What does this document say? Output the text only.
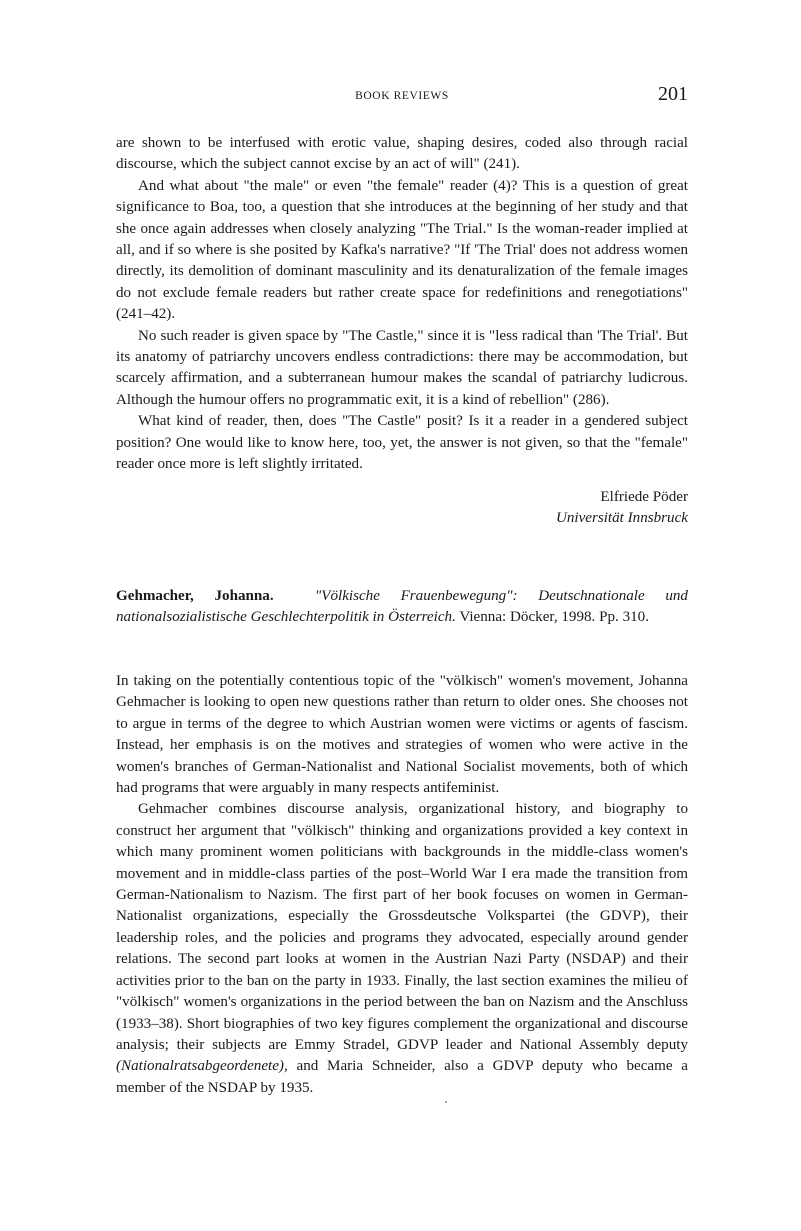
BOOK REVIEWS	201

are shown to be interfused with erotic value, shaping desires, coded also through racial discourse, which the subject cannot excise by an act of will" (241).

And what about "the male" or even "the female" reader (4)? This is a question of great significance to Boa, too, a question that she introduces at the beginning of her study and that she once again addresses when closely analyzing "The Trial." Is the woman-reader implied at all, and if so where is she posited by Kafka's narrative? "If 'The Trial' does not address women directly, its demolition of dominant masculinity and its denaturalization of the female images do not exclude female readers but rather create space for redefinitions and renegotiations" (241–42).

No such reader is given space by "The Castle," since it is "less radical than 'The Trial'. But its anatomy of patriarchy uncovers endless contradictions: there may be accommodation, but scarcely affirmation, and a subterranean humour makes the scandal of patriarchy ludicrous. Although the humour offers no programmatic exit, it is a kind of rebellion" (286).

What kind of reader, then, does "The Castle" posit? Is it a reader in a gendered subject position? One would like to know here, too, yet, the answer is not given, so that the "female" reader once more is left slightly irritated.

Elfriede Pöder
Universität Innsbruck
Gehmacher, Johanna.	"Völkische Frauenbewegung": Deutschnationale und nationalsozialistische Geschlechterpolitik in Österreich. Vienna: Döcker, 1998. Pp. 310.

In taking on the potentially contentious topic of the "völkisch" women's movement, Johanna Gehmacher is looking to open new questions rather than return to older ones. She chooses not to argue in terms of the degree to which Austrian women were victims or agents of fascism. Instead, her emphasis is on the motives and strategies of women who were active in the women's branches of German-Nationalist and National Socialist movements, both of which had programs that were arguably in many respects antifeminist.

Gehmacher combines discourse analysis, organizational history, and biography to construct her argument that "völkisch" thinking and organizations provided a key context in which many prominent women politicians with backgrounds in the middle-class women's movement and in middle-class parties of the post–World War I era made the transition from German-Nationalism to Nazism. The first part of her book focuses on women in German-Nationalist organizations, especially the Grossdeutsche Volkspartei (the GDVP), their leadership roles, and the policies and programs they advocated, especially around gender relations. The second part looks at women in the Austrian Nazi Party (NSDAP) and their activities prior to the ban on the party in 1933. Finally, the last section examines the milieu of "völkisch" women's organizations in the period between the ban on Nazism and the Anschluss (1933–38). Short biographies of two key figures complement the organizational and discourse analysis; their subjects are Emmy Stradel, GDVP leader and National Assembly deputy (Nationalratsabgeordenete), and Maria Schneider, also a GDVP deputy who became a member of the NSDAP by 1935.
